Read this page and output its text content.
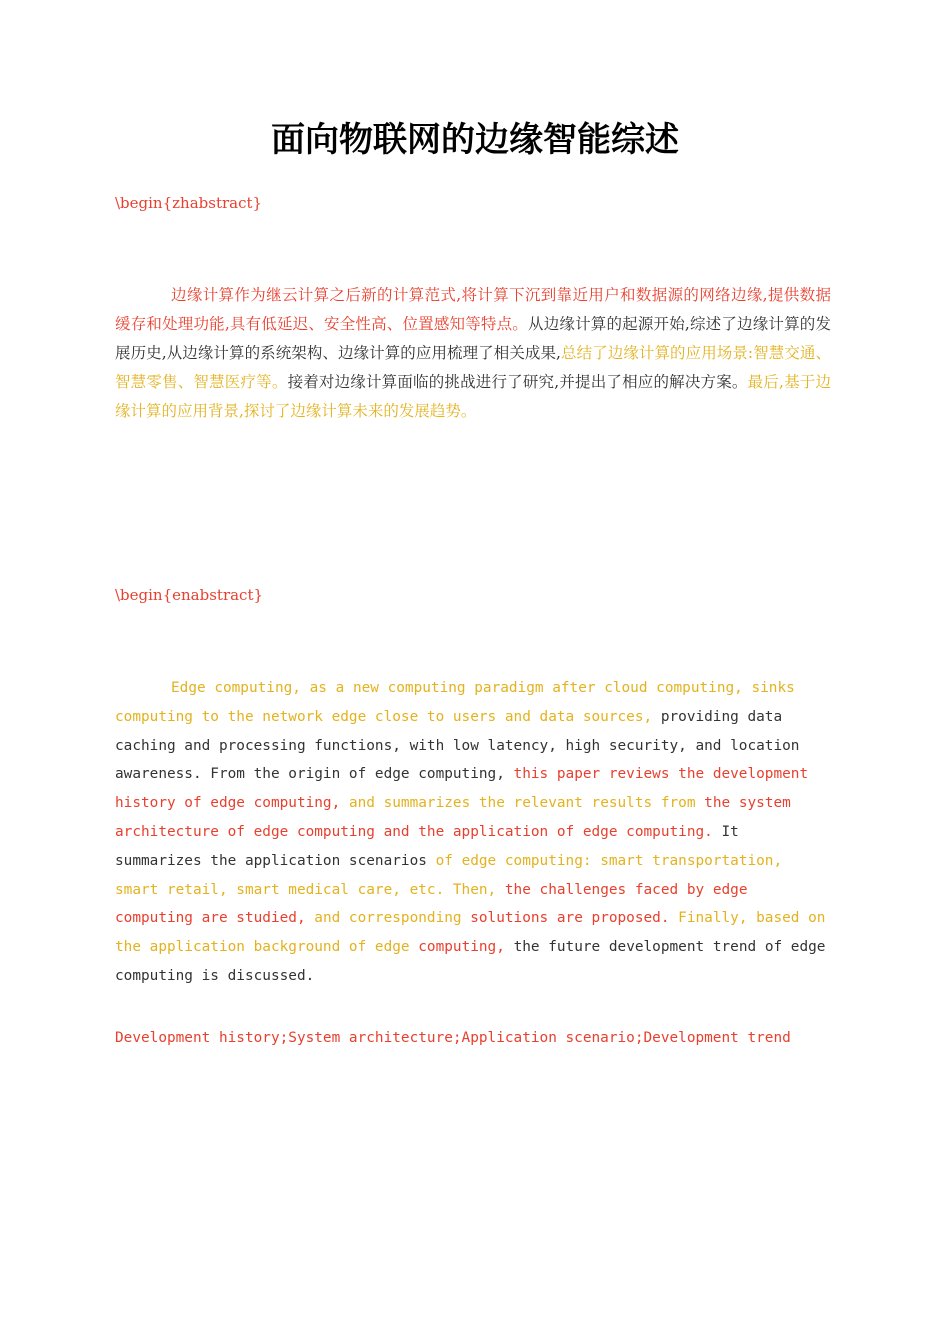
面向物联网的边缘智能综述
\begin{zhabstract}
边缘计算作为继云计算之后新的计算范式,将计算下沉到靠近用户和数据源的网络边缘,提供数据缓存和处理功能,具有低延迟、安全性高、位置感知等特点。从边缘计算的起源开始,综述了边缘计算的发展历史,从边缘计算的系统架构、边缘计算的应用梳理了相关成果,总结了边缘计算的应用场景:智慧交通、智慧零售、智慧医疗等。接着对边缘计算面临的挑战进行了研究,并提出了相应的解决方案。最后,基于边缘计算的应用背景,探讨了边缘计算未来的发展趋势。
\begin{enabstract}
Edge computing, as a new computing paradigm after cloud computing, sinks computing to the network edge close to users and data sources, providing data caching and processing functions, with low latency, high security, and location awareness. From the origin of edge computing, this paper reviews the development history of edge computing, and summarizes the relevant results from the system architecture of edge computing and the application of edge computing. It summarizes the application scenarios of edge computing: smart transportation, smart retail, smart medical care, etc. Then, the challenges faced by edge computing are studied, and corresponding solutions are proposed. Finally, based on the application background of edge computing, the future development trend of edge computing is discussed.
Development history;System architecture;Application scenario;Development trend
